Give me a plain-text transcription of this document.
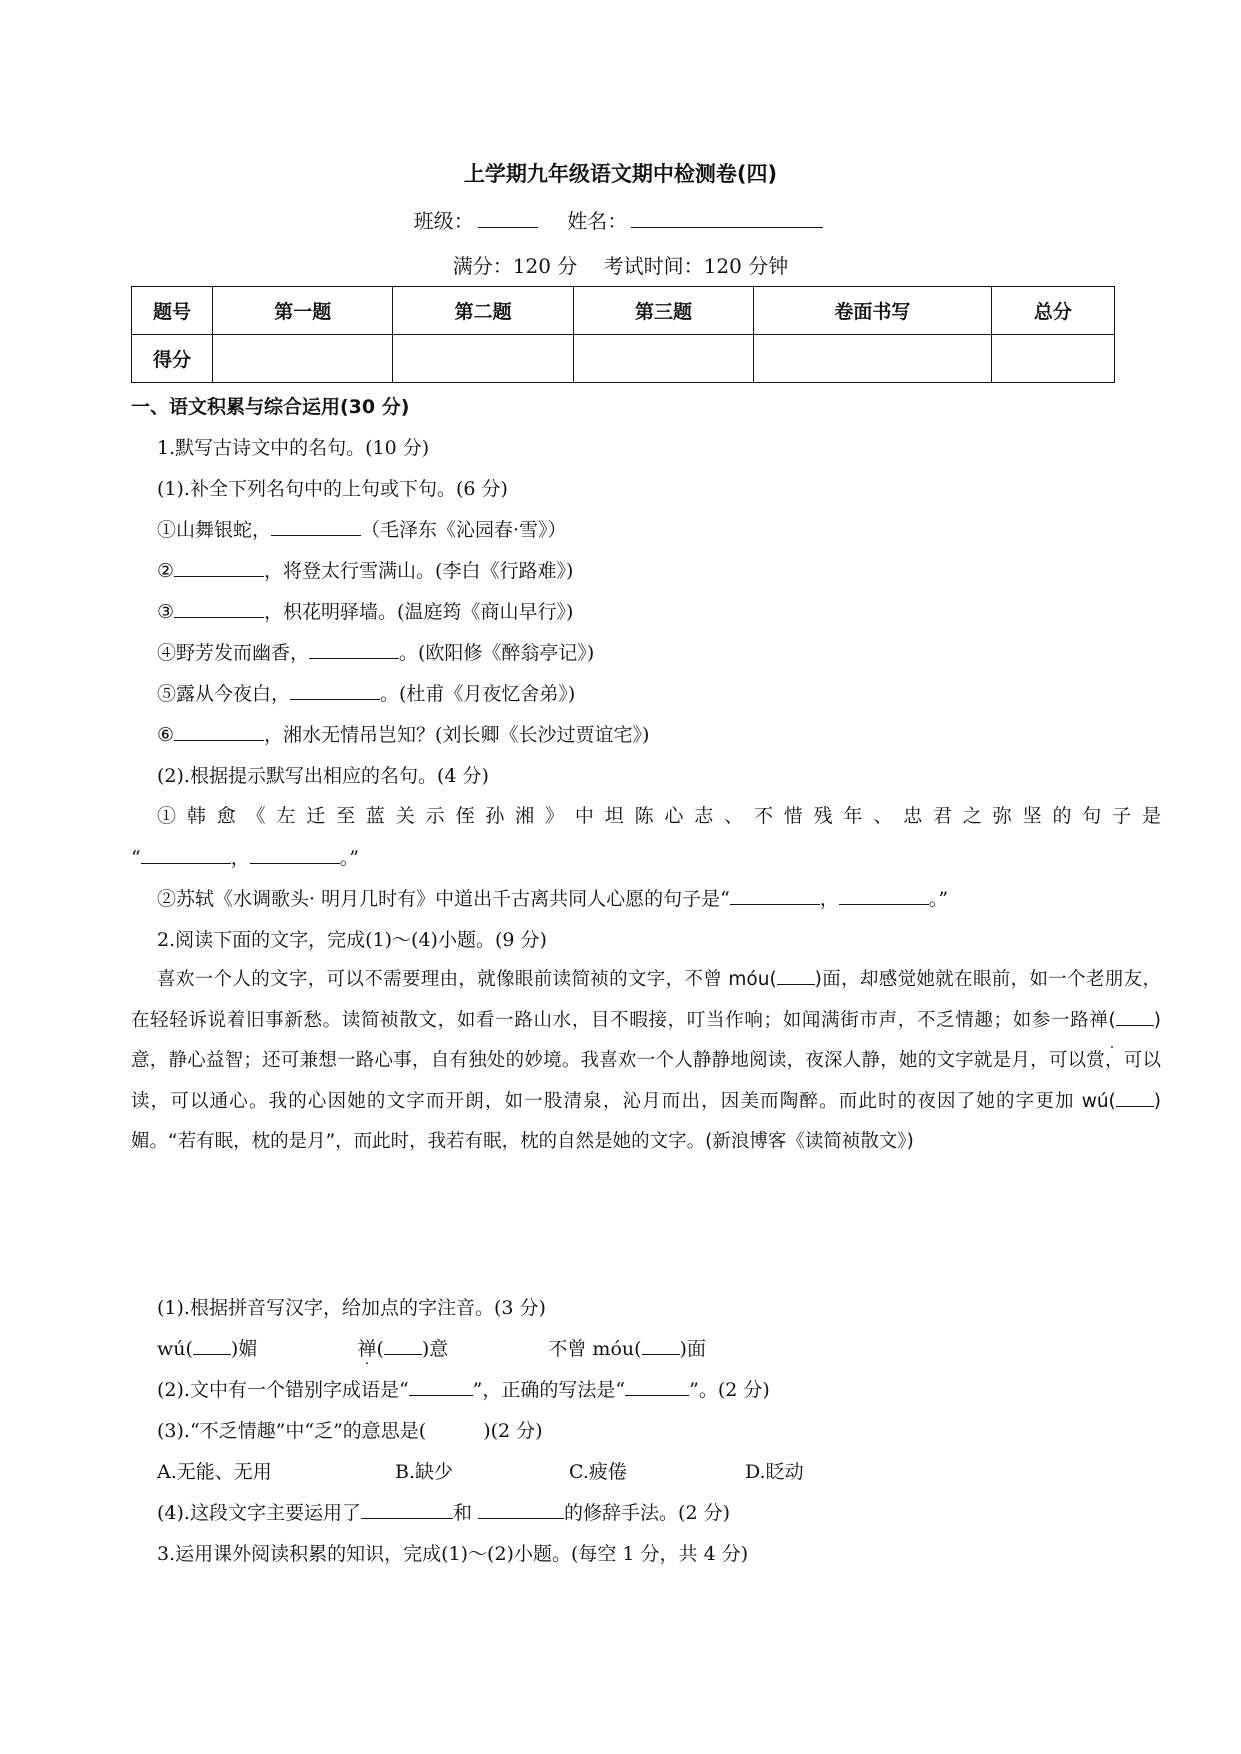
上学期九年级语文期中检测卷(四)
班级：	姓名：
满分：120 分　 考试时间：120 分钟
题号	第一题	第二题	第三题	卷面书写	总分
得分					
一、语文积累与综合运用(30 分)
1.默写古诗文中的名句。(10 分)
(1).补全下列名句中的上句或下句。(6 分)
①山舞银蛇，	（毛泽东《沁园春·雪》）
②	，将登太行雪满山。(李白《行路难》)
③	，枳花明驿墙。(温庭筠《商山早行》)
④野芳发而幽香，	。(欧阳修《醉翁亭记》)
⑤露从今夜白，	。(杜甫《月夜忆舍弟》)
⑥	，湘水无情吊岂知？(刘长卿《长沙过贾谊宅》)
(2).根据提示默写出相应的名句。(4 分)
①韩愈《左迁至蓝关示侄孙湘》中坦陈心志、不惜残年、忠君之弥坚的句子是
“	，	。”
②苏轼《水调歌头· 明月几时有》中道出千古离共同人心愿的句子是“	，	。”
2.阅读下面的文字，完成(1)～(4)小题。(9 分)
喜欢一个人的文字，可以不需要理由，就像眼前读简祯的文字，不曾 móu( )面，却感觉她就在眼前，如一个老朋友，在轻轻诉说着旧事新愁。读简祯散文，如看一路山水，目不暇接，叮当作响；如闻满街市声，不乏情趣；如参一路禅( )意，静心益智；还可兼想一路心事，自有独处的妙境。我喜欢一个人静静地阅读，夜深人静，她的文字就是月，可以赏，可以读，可以通心。我的心因她的文字而开朗，如一股清泉，沁月而出，因美而陶醉。而此时的夜因了她的字更加 wú( )媚。“若有眠，枕的是月”，而此时，我若有眠，枕的自然是她的文字。(新浪博客《读简祯散文》)
(1).根据拼音写汉字，给加点的字注音。(3 分)
wú( )媚	禅( )意	不曾 móu( )面
(2).文中有一个错别字成语是“	”，正确的写法是“	”。(2 分)
(3).“不乏情趣”中“乏”的意思是(　　　)(2 分)
A.无能、无用	B.缺少	C.疲倦	D.眨动
(4).这段文字主要运用了	和	的修辞手法。(2 分)
3.运用课外阅读积累的知识，完成(1)～(2)小题。(每空 1 分，共 4 分)
